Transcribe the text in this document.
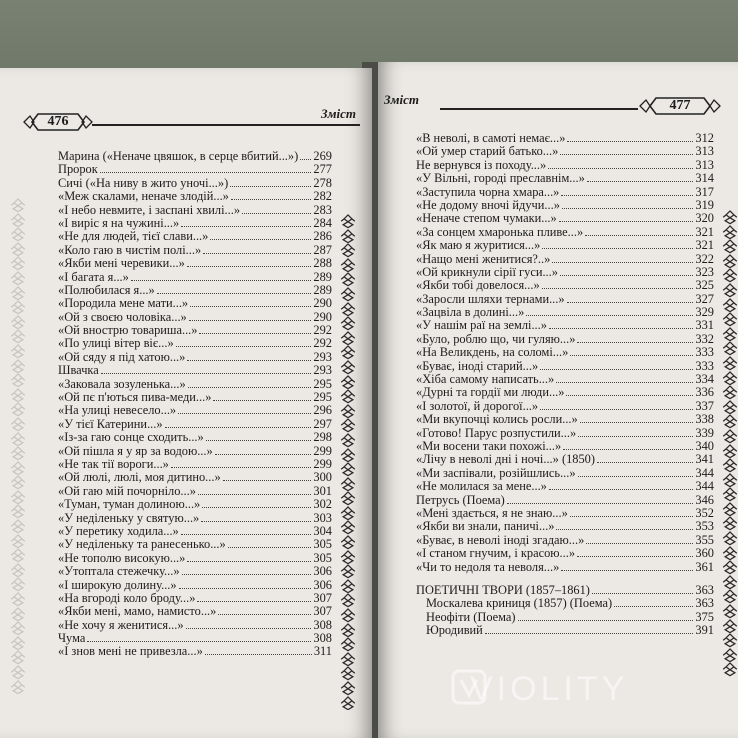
476
Зміст
Марина («Неначе цвяшок, в серце вбитий...») 269
Пророк	277
Сичі («На ниву в жито уночі...»)	278
«Меж скалами, неначе злодій...»	282
«І небо невмите, і заспані хвилі...»	283
«І виріс я на чужині...»	284
«Не для людей, тієї слави...»	286
«Коло гаю в чистім полі...»	287
«Якби мені черевики...»	288
«І багата я...»	289
«Полюбилася я...»	289
«Породила мене мати...»	290
«Ой з своєю чоловіка...»	290
«Ой внострю товариша...»	292
«По улиці вітер віє...»	292
«Ой сяду я під хатою...»	293
Швачка	293
«Заковала зозуленька...»	295
«Ой пє п'ються пива-меди...»	295
«На улиці невесело...»	296
«У тієї Катерини...»	297
«Із-за гаю сонце сходить...»	298
«Ой пішла я у яр за водою...»	299
«Не так тії вороги...»	299
«Ой люлі, люлі, моя дитино...»	300
«Ой гаю мій почорніло...»	301
«Туман, туман долиною...»	302
«У неділеньку у святую...»	303
«У перетику ходила...»	304
«У неділеньку та ранесенько...»	305
«Не тополю високую...»	305
«Утоптала стежечку...»	306
«І широкую долину...»	306
«На вгороді коло броду...»	307
«Якби мені, мамо, намисто...»	307
«Не хочу я женитися...»	308
Чума	308
«І знов мені не привезла...»	311
Зміст	477
«В неволі, в самоті немає...»	312
«Ой умер старий батько...»	313
Не вернувся із походу...»	313
«У Вільні, городі преславнім...»	314
«Заступила чорна хмара...»	317
«Не додому вночі йдучи...»	319
«Неначе степом чумаки...»	320
«За сонцем хмаронька пливе...»	321
«Як маю я журитися...»	321
«Нащо мені женитися?..»	322
«Ой крикнули сірії гуси...»	323
«Якби тобі довелося...»	325
«Заросли шляхи тернами...»	327
«Зацвіла в долині...»	329
«У нашім раї на землі...»	331
«Було, роблю що, чи гуляю...»	332
«На Великдень, на соломі...»	333
«Буває, іноді старий...»	333
«Хіба самому написать...»	334
«Дурні та гордії ми люди...»	336
«І золотої, й дорогої...»	337
«Ми вкупочці колись росли...»	338
«Готово! Парус розпустили...»	339
«Ми восени таки похожі...»	340
«Лічу в неволі дні і ночі...» (1850)	341
«Ми заспівали, розійшлись...»	344
«Не молилася за мене...»	344
Петрусь (Поема)	346
«Мені здається, я не знаю...»	352
«Якби ви знали, паничі...»	353
«Буває, в неволі іноді згадаю...»	355
«І станом гнучим, і красою...»	360
«Чи то недоля та неволя...»	361
ПОЕТИЧНІ ТВОРИ (1857–1861)	363
Москалева криниця (1857) (Поема)	363
Неофіти (Поема)	375
Юродивий	391
VIOLITY
